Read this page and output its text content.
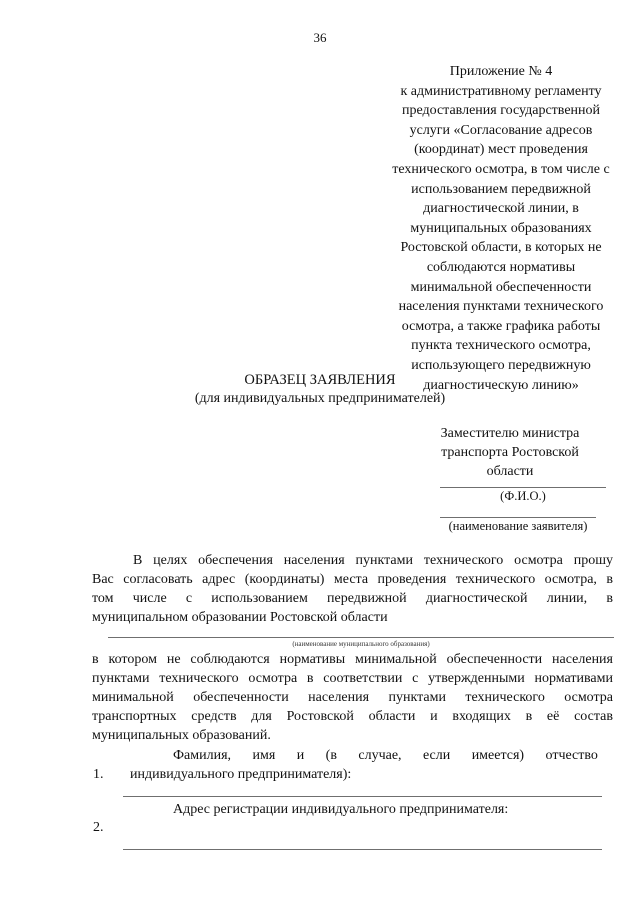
36
Приложение № 4
к административному регламенту
предоставления государственной
услуги «Согласование адресов
(координат) мест проведения
технического осмотра, в том числе с
использованием передвижной
диагностической линии, в
муниципальных образованиях
Ростовской области, в которых не
соблюдаются нормативы
минимальной обеспеченности
населения пунктами технического
осмотра, а также графика работы
пункта технического осмотра,
использующего передвижную
диагностическую линию»
ОБРАЗЕЦ ЗАЯВЛЕНИЯ
(для индивидуальных предпринимателей)
Заместителю министра
транспорта Ростовской
области
(Ф.И.О.)
(наименование заявителя)
В целях обеспечения населения пунктами технического осмотра прошу
Вас согласовать адрес (координаты) места проведения технического осмотра, в
том числе с использованием передвижной диагностической линии, в
муниципальном образовании Ростовской области
(наименование муниципального образования)
в котором не соблюдаются нормативы минимальной обеспеченности населения
пунктами технического осмотра в соответствии с утвержденными нормативами
минимальной обеспеченности населения пунктами технического осмотра
транспортных средств для Ростовской области и входящих в её состав
муниципальных образований.
Фамилия, имя и (в случае, если имеется) отчество
1. индивидуального предпринимателя):
Адрес регистрации индивидуального предпринимателя:
2.
